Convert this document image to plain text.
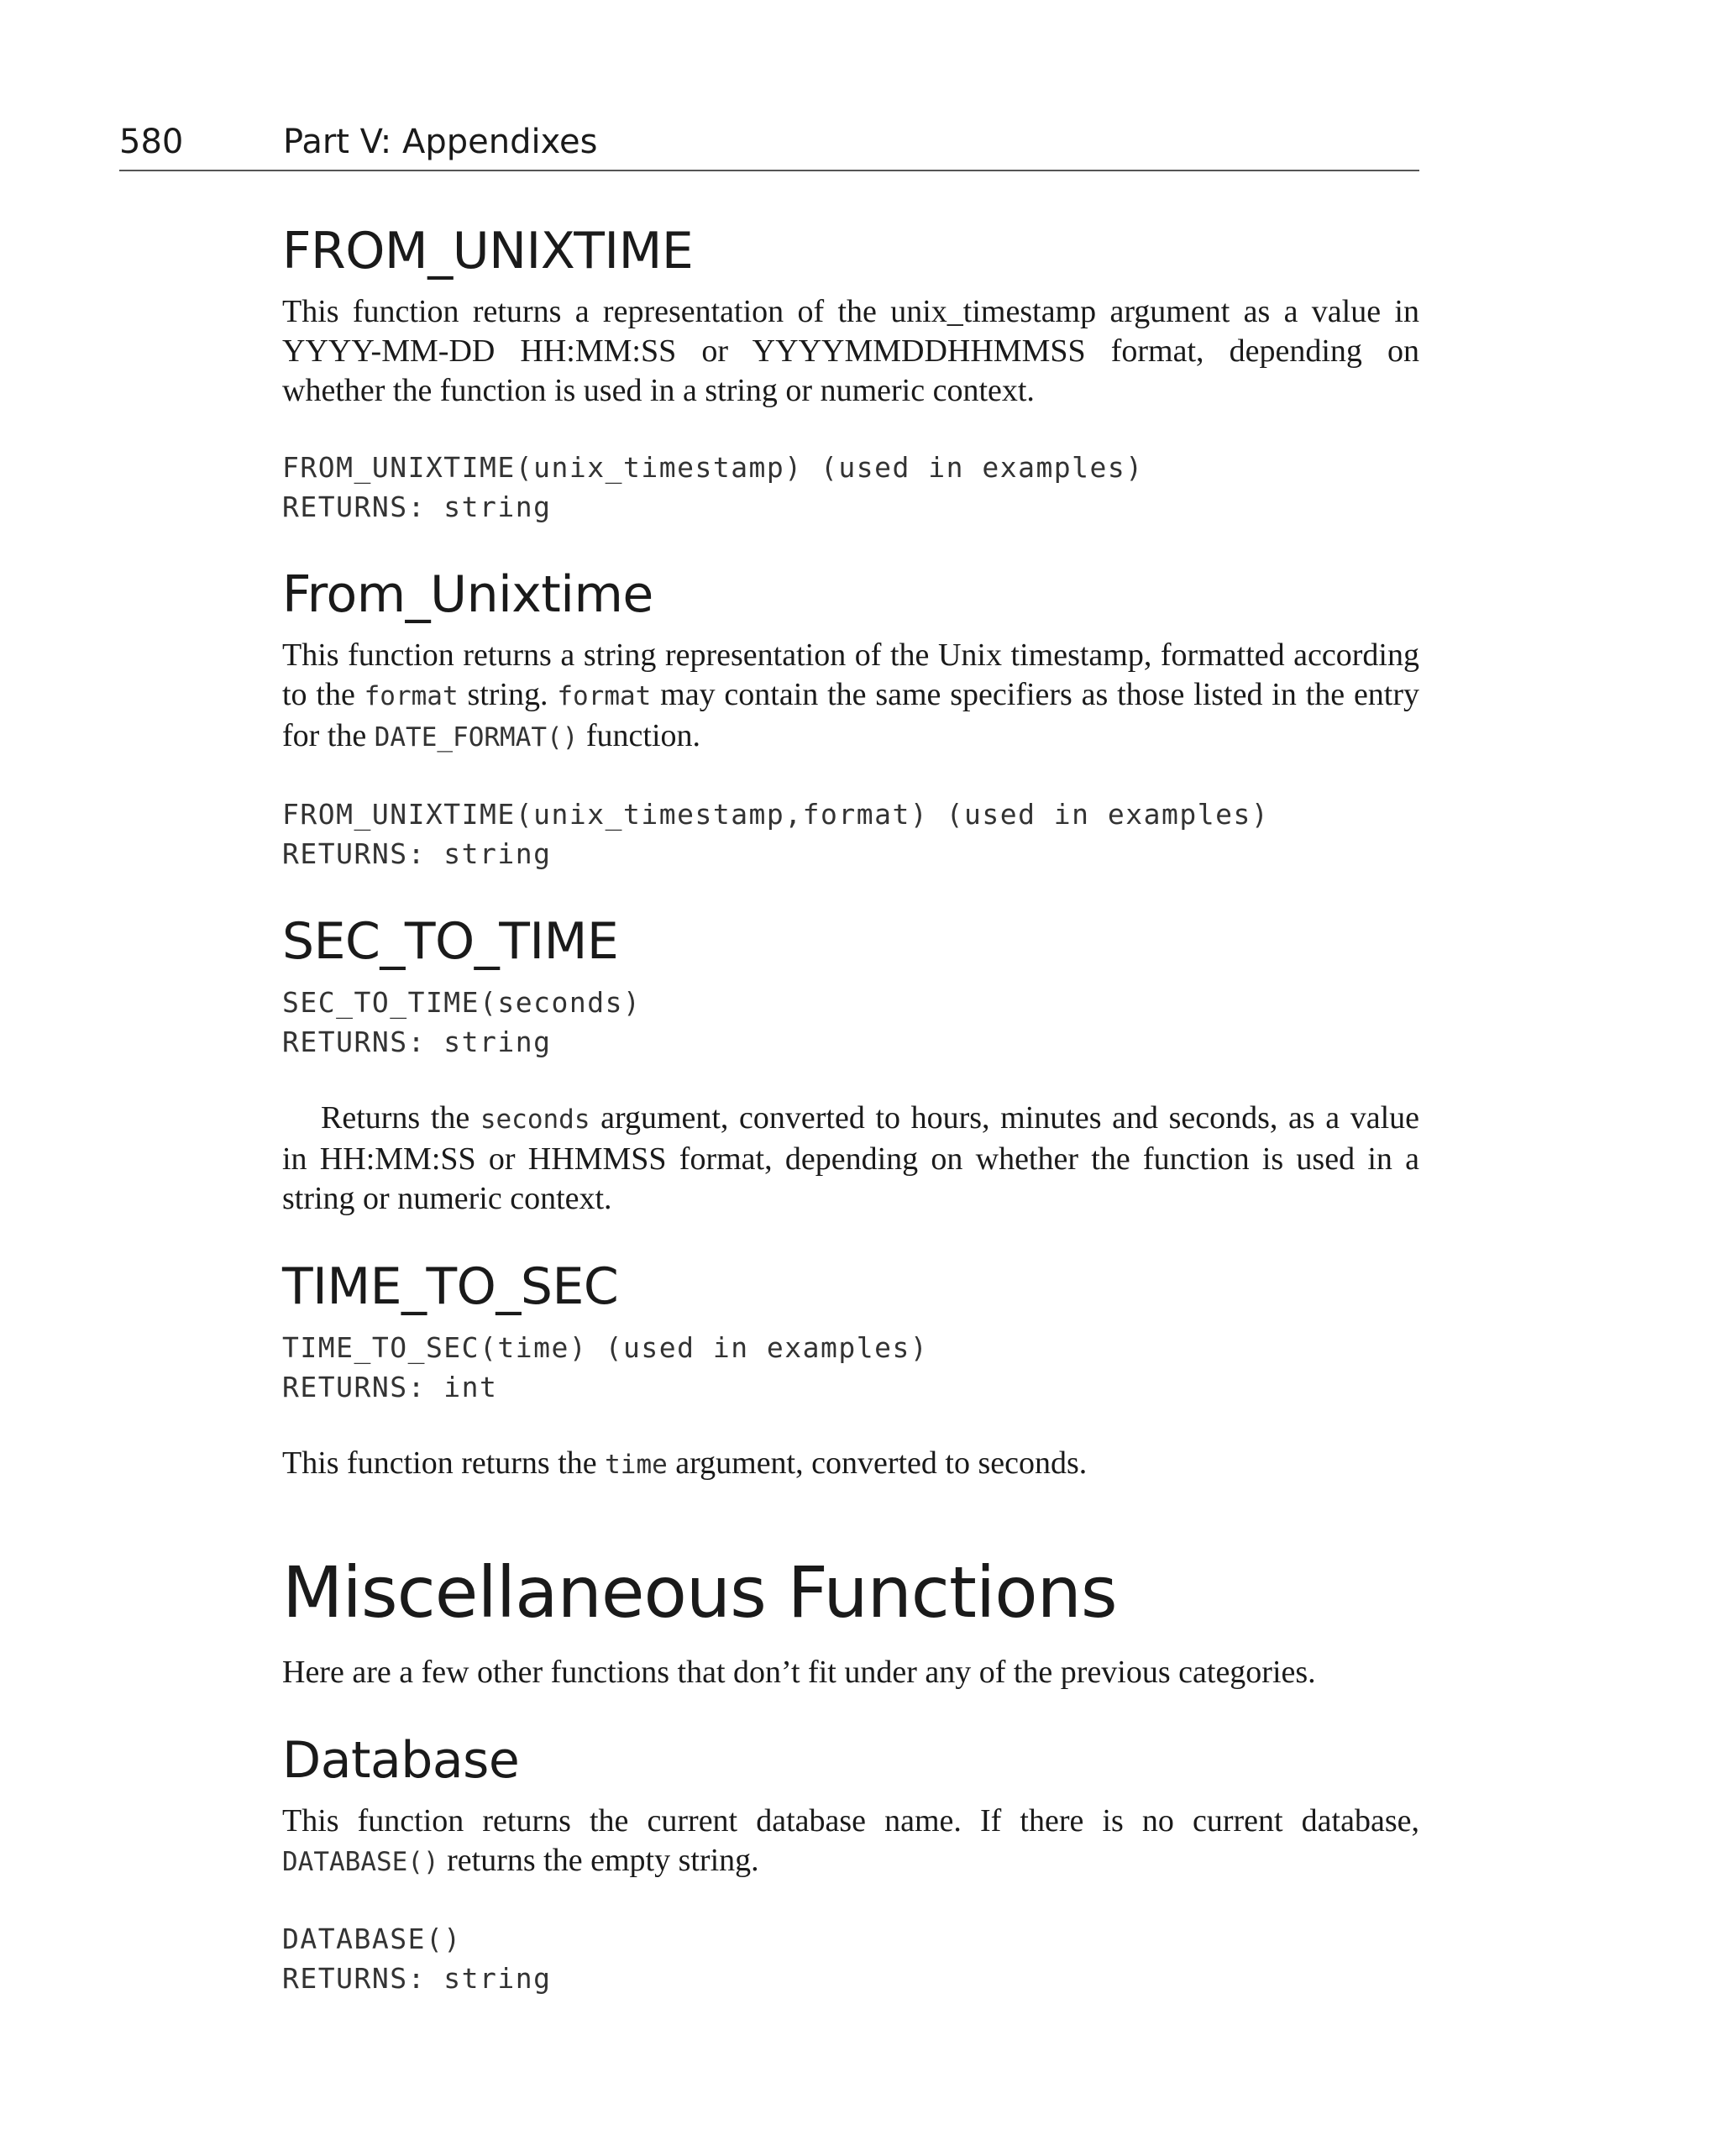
580	Part V: Appendixes
FROM_UNIXTIME

This function returns a representation of the unix_timestamp argument as a value in YYYY-MM-DD HH:MM:SS or YYYYMMDDHHMMSS format, depending on whether the function is used in a string or numeric context.

FROM_UNIXTIME(unix_timestamp) (used in examples)
RETURNS: string
From_Unixtime

This function returns a string representation of the Unix timestamp, formatted according to the format string. format may contain the same specifiers as those listed in the entry for the DATE_FORMAT() function.

FROM_UNIXTIME(unix_timestamp,format) (used in examples)
RETURNS: string
SEC_TO_TIME
SEC_TO_TIME(seconds)
RETURNS: string

Returns the seconds argument, converted to hours, minutes and seconds, as a value in HH:MM:SS or HHMMSS format, depending on whether the function is used in a string or numeric context.

TIME_TO_SEC
TIME_TO_SEC(time) (used in examples)
RETURNS: int

This function returns the time argument, converted to seconds.

Miscellaneous Functions

Here are a few other functions that don’t fit under any of the previous categories.

Database

This function returns the current database name. If there is no current database, DATABASE() returns the empty string.

DATABASE()
RETURNS: string
